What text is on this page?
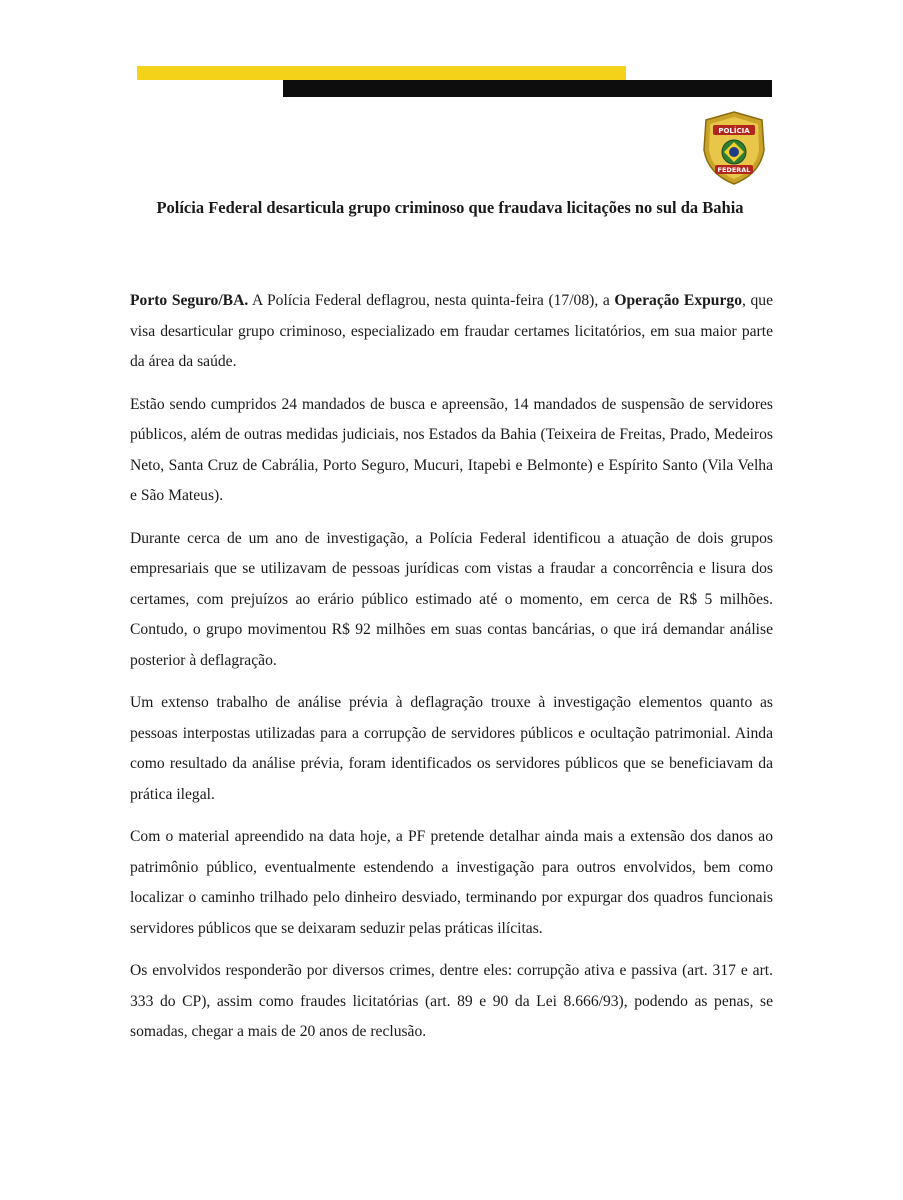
POLÍCIA
FEDERAL
Polícia Federal desarticula grupo criminoso que fraudava licitações no sul da Bahia

Porto Seguro/BA. A Polícia Federal deflagrou, nesta quinta-feira (17/08), a Operação Expurgo, que visa desarticular grupo criminoso, especializado em fraudar certames licitatórios, em sua maior parte da área da saúde.

Estão sendo cumpridos 24 mandados de busca e apreensão, 14 mandados de suspensão de servidores públicos, além de outras medidas judiciais, nos Estados da Bahia (Teixeira de Freitas, Prado, Medeiros Neto, Santa Cruz de Cabrália, Porto Seguro, Mucuri, Itapebi e Belmonte) e Espírito Santo (Vila Velha e São Mateus).

Durante cerca de um ano de investigação, a Polícia Federal identificou a atuação de dois grupos empresariais que se utilizavam de pessoas jurídicas com vistas a fraudar a concorrência e lisura dos certames, com prejuízos ao erário público estimado até o momento, em cerca de R$ 5 milhões. Contudo, o grupo movimentou R$ 92 milhões em suas contas bancárias, o que irá demandar análise posterior à deflagração.

Um extenso trabalho de análise prévia à deflagração trouxe à investigação elementos quanto as pessoas interpostas utilizadas para a corrupção de servidores públicos e ocultação patrimonial. Ainda como resultado da análise prévia, foram identificados os servidores públicos que se beneficiavam da prática ilegal.

Com o material apreendido na data hoje, a PF pretende detalhar ainda mais a extensão dos danos ao patrimônio público, eventualmente estendendo a investigação para outros envolvidos, bem como localizar o caminho trilhado pelo dinheiro desviado, terminando por expurgar dos quadros funcionais servidores públicos que se deixaram seduzir pelas práticas ilícitas.

Os envolvidos responderão por diversos crimes, dentre eles: corrupção ativa e passiva (art. 317 e art. 333 do CP), assim como fraudes licitatórias (art. 89 e 90 da Lei 8.666/93), podendo as penas, se somadas, chegar a mais de 20 anos de reclusão.
